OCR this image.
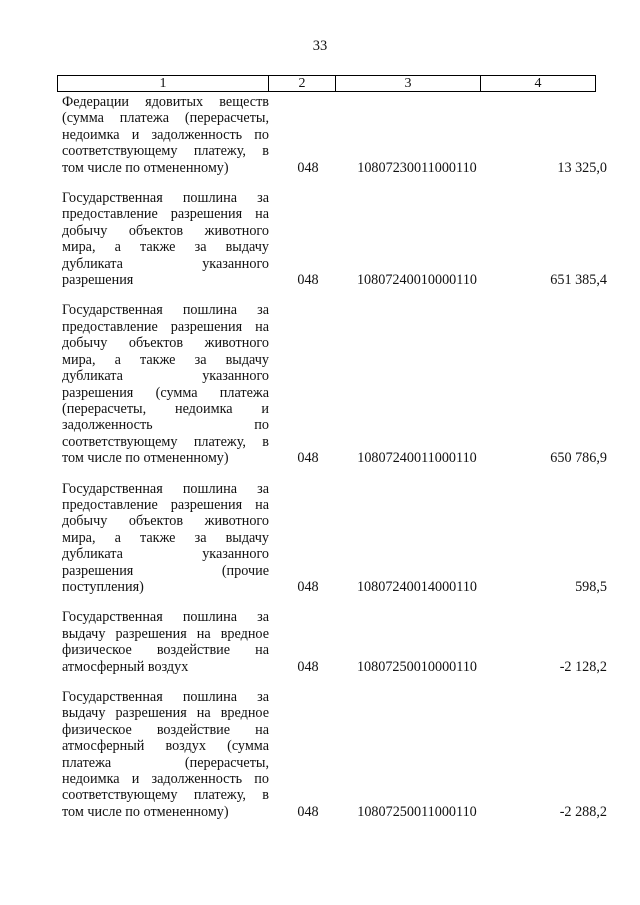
33
1	2	3	4
Федерации ядовитых веществ
(сумма платежа (перерасчеты,
недоимка и задолженность по
соответствующему платежу, в
том числе по отмененному)	048	10807230011000110	13 325,0
Государственная пошлина за
предоставление разрешения на
добычу объектов животного
мира, а также за выдачу
дубликата указанного
разрешения	048	10807240010000110	651 385,4
Государственная пошлина за
предоставление разрешения на
добычу объектов животного
мира, а также за выдачу
дубликата указанного
разрешения (сумма платежа
(перерасчеты, недоимка и
задолженность по
соответствующему платежу, в
том числе по отмененному)	048	10807240011000110	650 786,9
Государственная пошлина за
предоставление разрешения на
добычу объектов животного
мира, а также за выдачу
дубликата указанного
разрешения (прочие
поступления)	048	10807240014000110	598,5
Государственная пошлина за
выдачу разрешения на вредное
физическое воздействие на
атмосферный воздух	048	10807250010000110	-2 128,2
Государственная пошлина за
выдачу разрешения на вредное
физическое воздействие на
атмосферный воздух (сумма
платежа (перерасчеты,
недоимка и задолженность по
соответствующему платежу, в
том числе по отмененному)	048	10807250011000110	-2 288,2
